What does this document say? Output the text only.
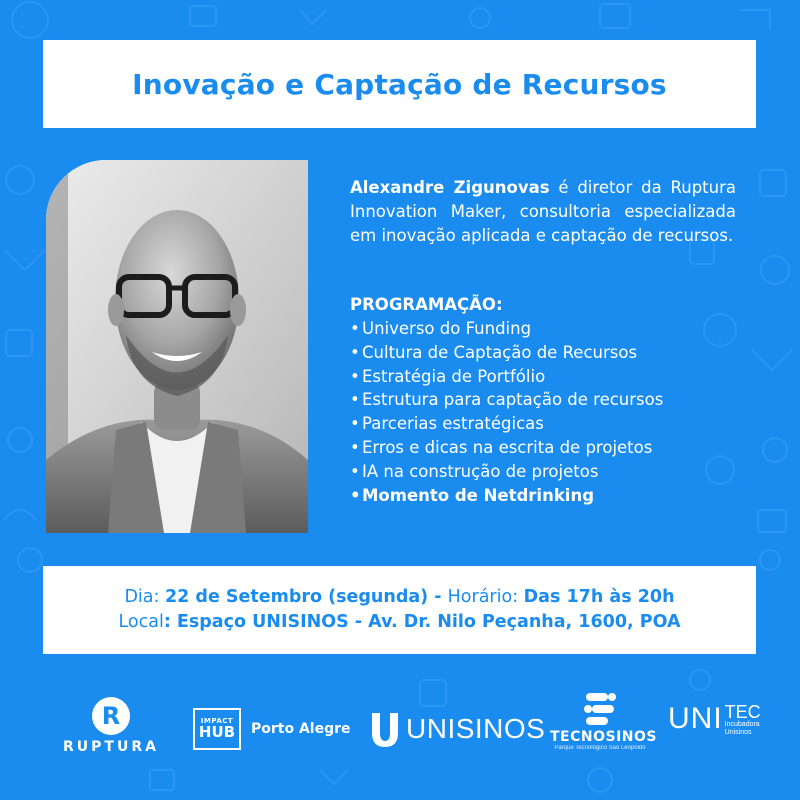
Inovação e Captação de Recursos
Alexandre Zigunovas é diretor da Ruptura Innovation Maker, consultoria especializada em inovação aplicada e captação de recursos.
PROGRAMAÇÃO:
• Universo do Funding
• Cultura de Captação de Recursos
• Estratégia de Portfólio
• Estrutura para captação de recursos
• Parcerias estratégicas
• Erros e dicas na escrita de projetos
• IA na construção de projetos
•Momento de Netdrinking
Dia: 22 de Setembro (segunda) - Horário: Das 17h às 20h
Local: Espaço UNISINOS - Av. Dr. Nilo Peçanha, 1600, POA
R
RUPTURA
IMPACT
HUB Porto Alegre UNISINOS TECNOSINOS
Parque Tecnológico São Leopoldo
UNI TEC
Incubadora
Unisinos
